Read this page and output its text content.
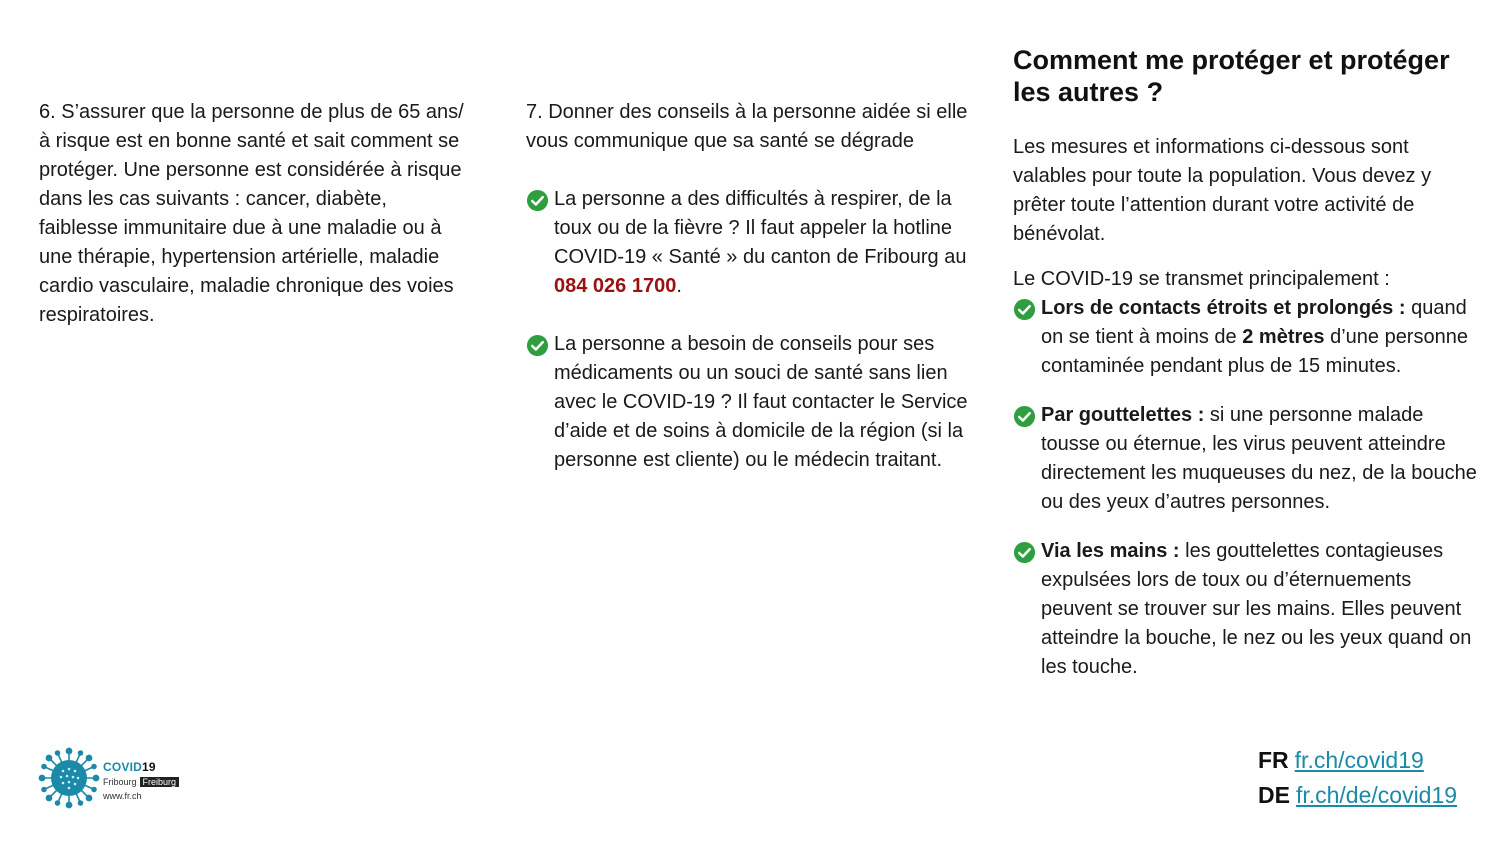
6. S’assurer que la personne de plus de 65 ans/à risque est en bonne santé et sait comment se protéger. Une personne est considérée à risque dans les cas suivants : cancer, diabète, faiblesse immunitaire due à une maladie ou à une thérapie, hypertension artérielle, maladie cardio vasculaire, maladie chronique des voies respiratoires.

7. Donner des conseils à la personne aidée si elle vous communique que sa santé se dégrade

La personne a des difficultés à respirer, de la toux ou de la fièvre ? Il faut appeler la hotline COVID-19 « Santé » du canton de Fribourg au 084 026 1700.
La personne a besoin de conseils pour ses médicaments ou un souci de santé sans lien avec le COVID-19 ? Il faut contacter le Service d’aide et de soins à domicile de la région (si la personne est cliente) ou le médecin traitant.
Comment me protéger et protéger les autres ?

Les mesures et informations ci-dessous sont valables pour toute la population. Vous devez y prêter toute l’attention durant votre activité de bénévolat.

Le COVID-19 se transmet principalement :

Lors de contacts étroits et prolongés : quand on se tient à moins de 2 mètres d’une personne contaminée pendant plus de 15 minutes.
Par gouttelettes : si une personne malade tousse ou éternue, les virus peuvent atteindre directement les muqueuses du nez, de la bouche ou des yeux d’autres personnes.
Via les mains : les gouttelettes contagieuses expulsées lors de toux ou d’éternuements peuvent se trouver sur les mains. Elles peuvent atteindre la bouche, le nez ou les yeux quand on les touche.
FR fr.ch/covid19
DE fr.ch/de/covid19
COVID19
Fribourg Freiburg
www.fr.ch
